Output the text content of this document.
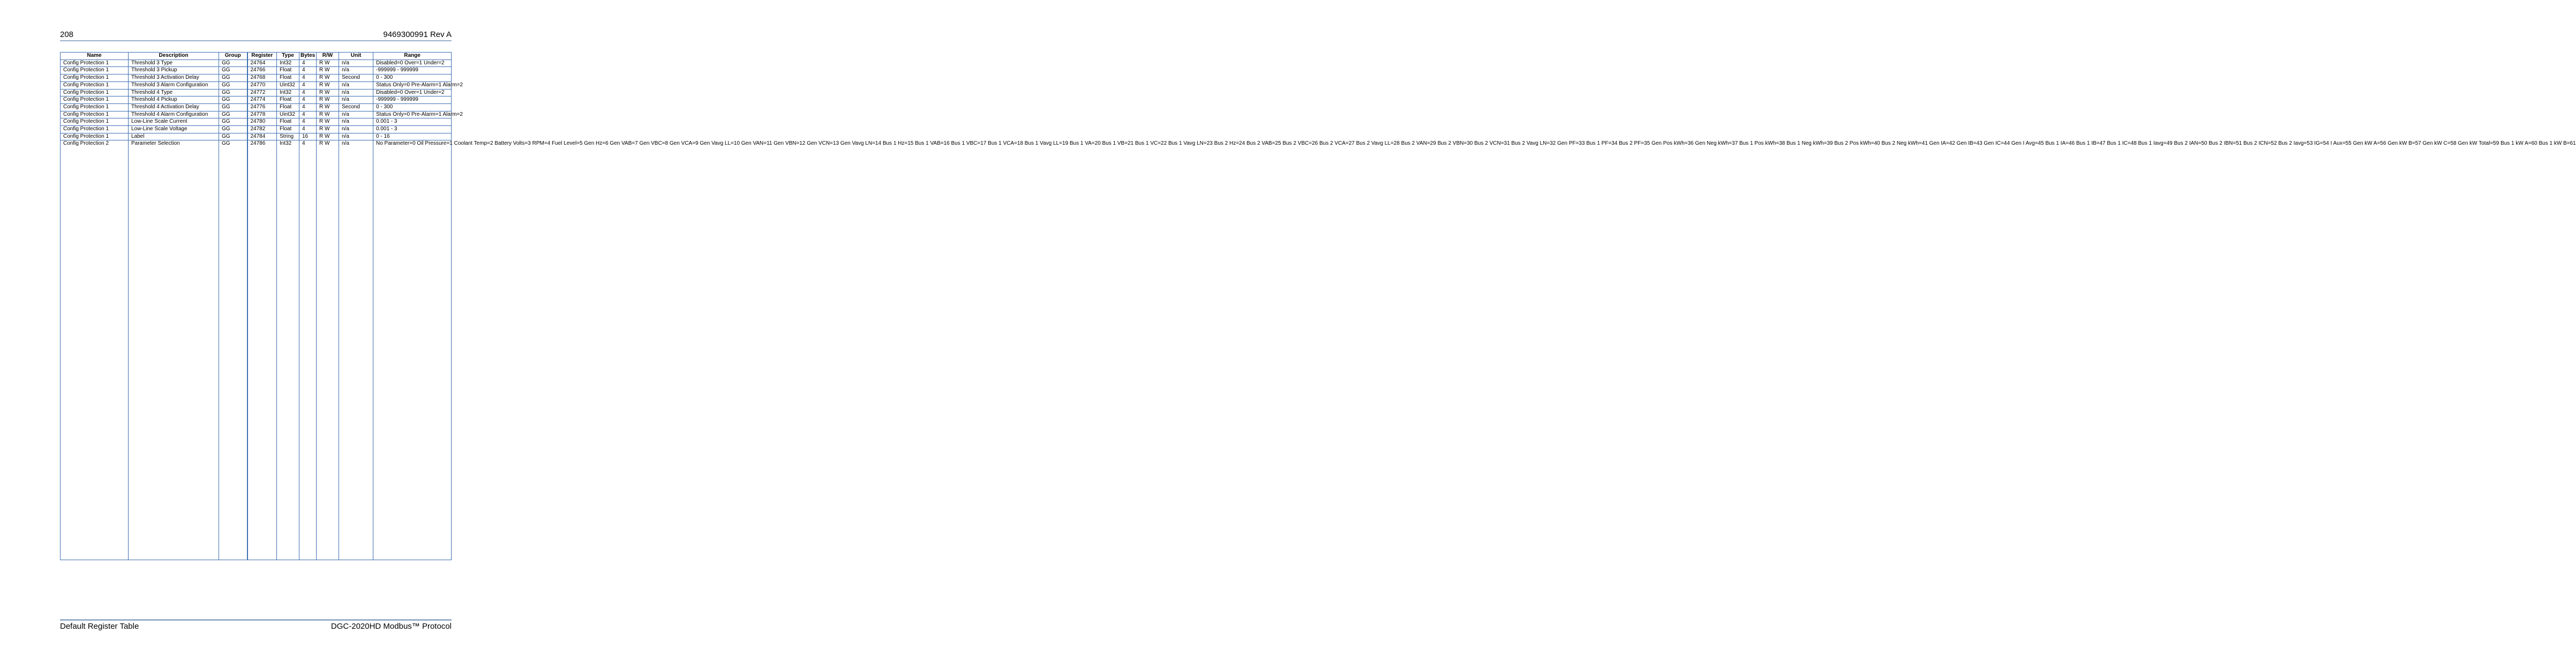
208	9469300991 Rev A
Name	Description	Group	Register	Type	Bytes	R/W	Unit	Range
Config Protection 1	Threshold 3 Type	GG	24764	Int32	4	R W	n/a	Disabled=0 Over=1 Under=2
Config Protection 1	Threshold 3 Pickup	GG	24766	Float	4	R W	n/a	-999999 - 999999
Config Protection 1	Threshold 3 Activation Delay	GG	24768	Float	4	R W	Second	0 - 300
Config Protection 1	Threshold 3 Alarm Configuration	GG	24770	Uint32	4	R W	n/a	Status Only=0 Pre-Alarm=1 Alarm=2
Config Protection 1	Threshold 4 Type	GG	24772	Int32	4	R W	n/a	Disabled=0 Over=1 Under=2
Config Protection 1	Threshold 4 Pickup	GG	24774	Float	4	R W	n/a	-999999 - 999999
Config Protection 1	Threshold 4 Activation Delay	GG	24776	Float	4	R W	Second	0 - 300
Config Protection 1	Threshold 4 Alarm Configuration	GG	24778	Uint32	4	R W	n/a	Status Only=0 Pre-Alarm=1 Alarm=2
Config Protection 1	Low-Line Scale Current	GG	24780	Float	4	R W	n/a	0.001 - 3
Config Protection 1	Low-Line Scale Voltage	GG	24782	Float	4	R W	n/a	0.001 - 3
Config Protection 1	Label	GG	24784	String	16	R W	n/a	0 - 16
Config Protection 2	Parameter Selection	GG	24786	Int32	4	R W	n/a	No Parameter=0 Oil Pressure=1 Coolant Temp=2 Battery Volts=3 RPM=4 Fuel Level=5 Gen Hz=6 Gen VAB=7 Gen VBC=8 Gen VCA=9 Gen Vavg LL=10 Gen VAN=11 Gen VBN=12 Gen VCN=13 Gen Vavg LN=14 Bus 1 Hz=15 Bus 1 VAB=16 Bus 1 VBC=17 Bus 1 VCA=18 Bus 1 Vavg LL=19 Bus 1 VA=20 Bus 1 VB=21 Bus 1 VC=22 Bus 1 Vavg LN=23 Bus 2 Hz=24 Bus 2 VAB=25 Bus 2 VBC=26 Bus 2 VCA=27 Bus 2 Vavg LL=28 Bus 2 VAN=29 Bus 2 VBN=30 Bus 2 VCN=31 Bus 2 Vavg LN=32 Gen PF=33 Bus 1 PF=34 Bus 2 PF=35 Gen Pos kWh=36 Gen Neg kWh=37 Bus 1 Pos kWh=38 Bus 1 Neg kWh=39 Bus 2 Pos kWh=40 Bus 2 Neg kWh=41 Gen IA=42 Gen IB=43 Gen IC=44 Gen I Avg=45 Bus 1 IA=46 Bus 1 IB=47 Bus 1 IC=48 Bus 1 Iavg=49 Bus 2 IAN=50 Bus 2 IBN=51 Bus 2 ICN=52 Bus 2 Iavg=53 IG=54 I Aux=55 Gen kW A=56 Gen kW B=57 Gen kW C=58 Gen kW Total=59 Bus 1 kW A=60 Bus 1 kW B=61
Default Register Table	DGC-2020HD Modbus™ Protocol
